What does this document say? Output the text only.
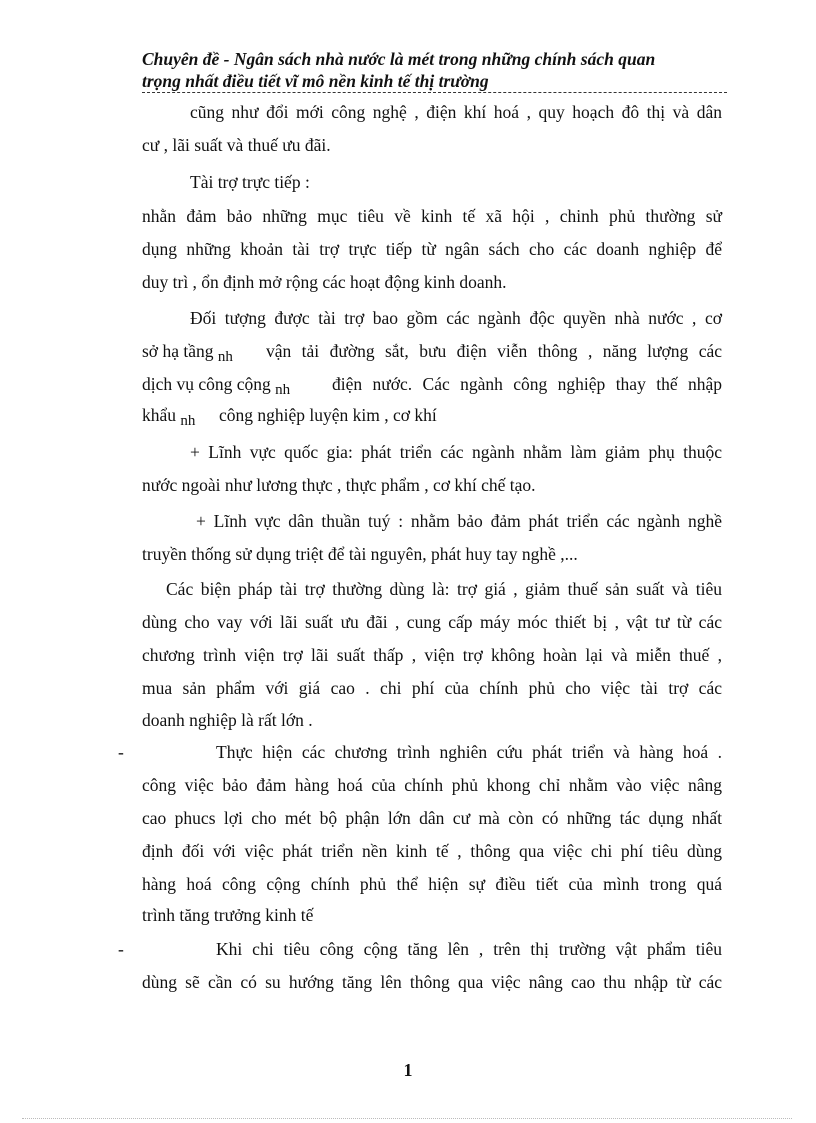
Chuyên đề - Ngân sách nhà nước là mét trong những chính sách quan

trọng nhất điều tiết vĩ mô nền kinh tế thị trường
cũng như đổi mới công nghệ , điện khí hoá , quy hoạch đô thị và dân
cư , lãi suất và thuế ưu đãi.
Tài trợ trực tiếp :
nhằn đảm bảo những mục tiêu về kinh tế xã hội , chinh phủ thường sử
dụng những khoản tài trợ trực tiếp từ ngân sách cho các doanh nghiệp để
duy trì , ổn định mở rộng các hoạt động kinh doanh.
Đối tượng được tài trợ bao gồm các ngành độc quyền nhà nước , cơ
sở hạ tầng nh vận tải đường sắt, bưu điện viễn thông , năng lượng các
dịch vụ công cộng nh điện nước. Các ngành công nghiệp thay thế nhập
khẩu nh công nghiệp luyện kim , cơ khí
+ Lĩnh vực quốc gia: phát triển các ngành nhằm làm giảm phụ thuộc
nước ngoài như lương thực , thực phẩm , cơ khí chế tạo.
+ Lĩnh vực dân thuần tuý : nhằm bảo đảm phát triển các ngành nghề
truyền thống sử dụng triệt để tài nguyên, phát huy tay nghề ,...
Các biện pháp tài trợ thường dùng là: trợ giá , giảm thuế sản suất và tiêu
dùng cho vay với lãi suất ưu đãi , cung cấp máy móc thiết bị , vật tư từ các
chương trình viện trợ lãi suất thấp , viện trợ không hoàn lại và miễn thuế ,
mua sản phẩm với giá cao . chi phí của chính phủ cho việc tài trợ các
doanh nghiệp là rất lớn .
-	Thực hiện các chương trình nghiên cứu phát triển và hàng hoá .
công việc bảo đảm hàng hoá của chính phủ khong chỉ nhằm vào việc nâng
cao phucs lợi cho mét bộ phận lớn dân cư mà còn có những tác dụng nhất
định đối với việc phát triển nền kinh tế , thông qua việc chi phí tiêu dùng
hàng hoá công cộng chính phủ thể hiện sự điều tiết của mình trong quá
trình tăng trưởng kinh tế
-	Khi chi tiêu công cộng tăng lên , trên thị trường vật phẩm tiêu
dùng sẽ cần có su hướng tăng lên thông qua việc nâng cao thu nhập từ các
1
